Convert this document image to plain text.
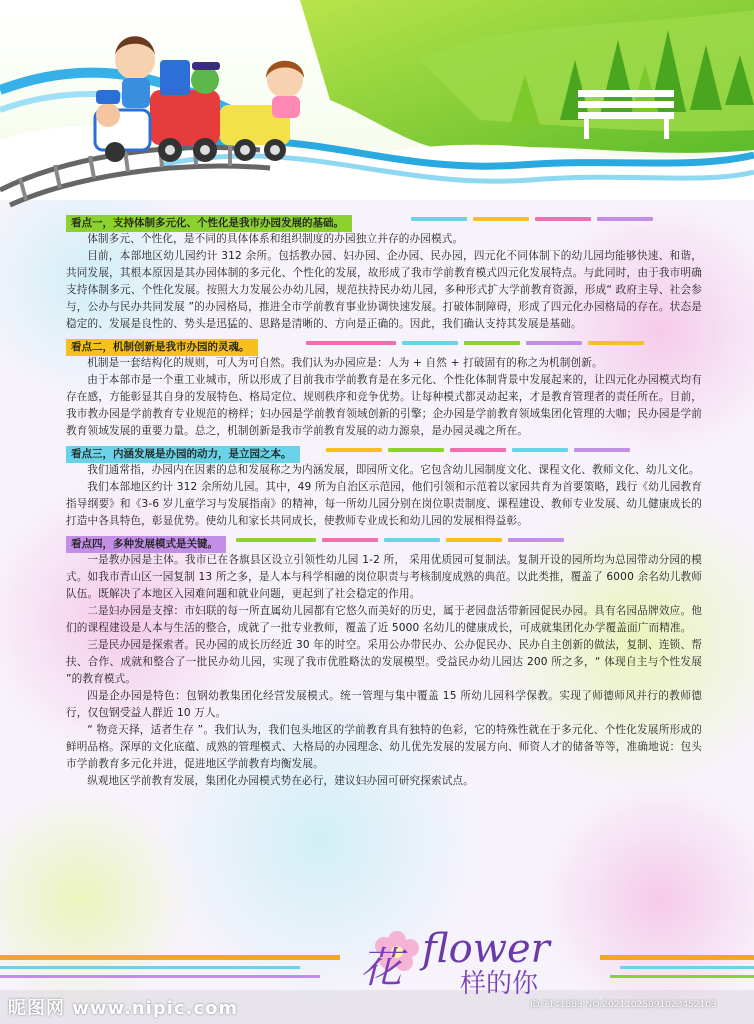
看点一，支持体制多元化、个性化是我市办园发展的基础。

体制多元、个性化，是不同的具体体系和组织制度的办园独立并存的办园模式。

目前，本部地区幼儿园约计 312 余所。包括教办园、妇办园、企办园、民办园，四元化不同体制下的幼儿园均能够快速、和谐，共同发展，其根本原因是其办园体制的多元化、个性化的发展，故形成了我市学前教育模式四元化发展特点。与此同时，由于我市明确支持体制多元、个性化发展。按照大力发展公办幼儿园，规范扶持民办幼儿园，多种形式扩大学前教育资源，形成“ 政府主导、社会参与，公办与民办共同发展 ”的办园格局，推进全市学前教育事业协调快速发展。打破体制障碍，形成了四元化办园格局的存在。状态是稳定的、发展是良性的、势头是迅猛的、思路是清晰的、方向是正确的。因此，我们确认支持其发展是基础。

看点二，机制创新是我市办园的灵魂。

机制是一套结构化的规则，可人为可自然。我们认为办园应是：人为 + 自然 + 打破固有的称之为机制创新。

由于本部市是一个重工业城市，所以形成了目前我市学前教育是在多元化、个性化体制背景中发展起来的，让四元化办园模式均有存在感，方能彰显其自身的发展特色、格局定位、规则秩序和竞争优势。让每种模式都灵动起来，才是教育管理者的责任所在。目前，我市教办园是学前教育专业规范的榜样；妇办园是学前教育领域创新的引擎；企办园是学前教育领域集团化管理的大咖；民办园是学前教育领域发展的重要力量。总之，机制创新是我市学前教育发展的动力源泉，是办园灵魂之所在。

看点三，内涵发展是办园的动力，是立园之本。

我们通常指，办园内在因素的总和发展称之为内涵发展，即园所文化。它包含幼儿园制度文化、课程文化、教师文化、幼儿文化。

我们本部地区约计 312 余所幼儿园。其中，49 所为自治区示范园，他们引领和示范着以家园共育为首要策略，践行《幼儿园教育指导纲要》和《3-6 岁儿童学习与发展指南》的精神，每一所幼儿园分别在岗位职责制度、课程建设、教师专业发展、幼儿健康成长的打造中各具特色，彰显优势。使幼儿和家长共同成长，使教师专业成长和幼儿园的发展相得益彰。

看点四，多种发展模式是关键。

一是教办园是主体。我市已在各旗县区设立引领性幼儿园 1-2 所， 采用优质园可复制法。复制开设的园所均为总园带动分园的模式。如我市青山区一园复制 13 所之多，是人本与科学相融的岗位职责与考核制度成熟的典范。以此类推，覆盖了 6000 余名幼儿教师队伍。既解决了本地区入园难问题和就业问题，更起到了社会稳定的作用。

二是妇办园是支撑：市妇联的每一所直属幼儿园都有它悠久而美好的历史，属于老园盘活带新园促民办园。具有名园品牌效应。他们的课程建设是人本与生活的整合，成就了一批专业教师，覆盖了近 5000 名幼儿的健康成长，可成就集团化办学覆盖面广而精准。

三是民办园是探索者。民办园的成长历经近 30 年的时空。采用公办带民办、公办促民办、民办自主创新的做法，复制、连锁、帮扶、合作、成就和整合了一批民办幼儿园，实现了我市优胜略汰的发展模型。受益民办幼儿园达 200 所之多，“ 体现自主与个性发展 ”的教育模式。

四是企办园是特色：包钢幼教集团化经营发展模式。统一管理与集中覆盖 15 所幼儿园科学保教。实现了师德师风并行的教师德行，仅包钢受益人群近 10 万人。

“ 物竞天择，适者生存 ”。我们认为，我们包头地区的学前教育具有独特的色彩，它的特殊性就在于多元化、个性化发展所形成的鲜明品格。深厚的文化底蕴、成熟的管理模式、大格局的办园理念、幼儿优先发展的发展方向、师资人才的储备等等，准确地说：包头市学前教育多元化并进，促进地区学前教育均衡发展。

纵观地区学前教育发展，集团化办园模式势在必行，建议妇办园可研究探索试点。

花 flower
样的你
昵图网 www.nipic.com	ID:7141883 NO:20211025091023452103
